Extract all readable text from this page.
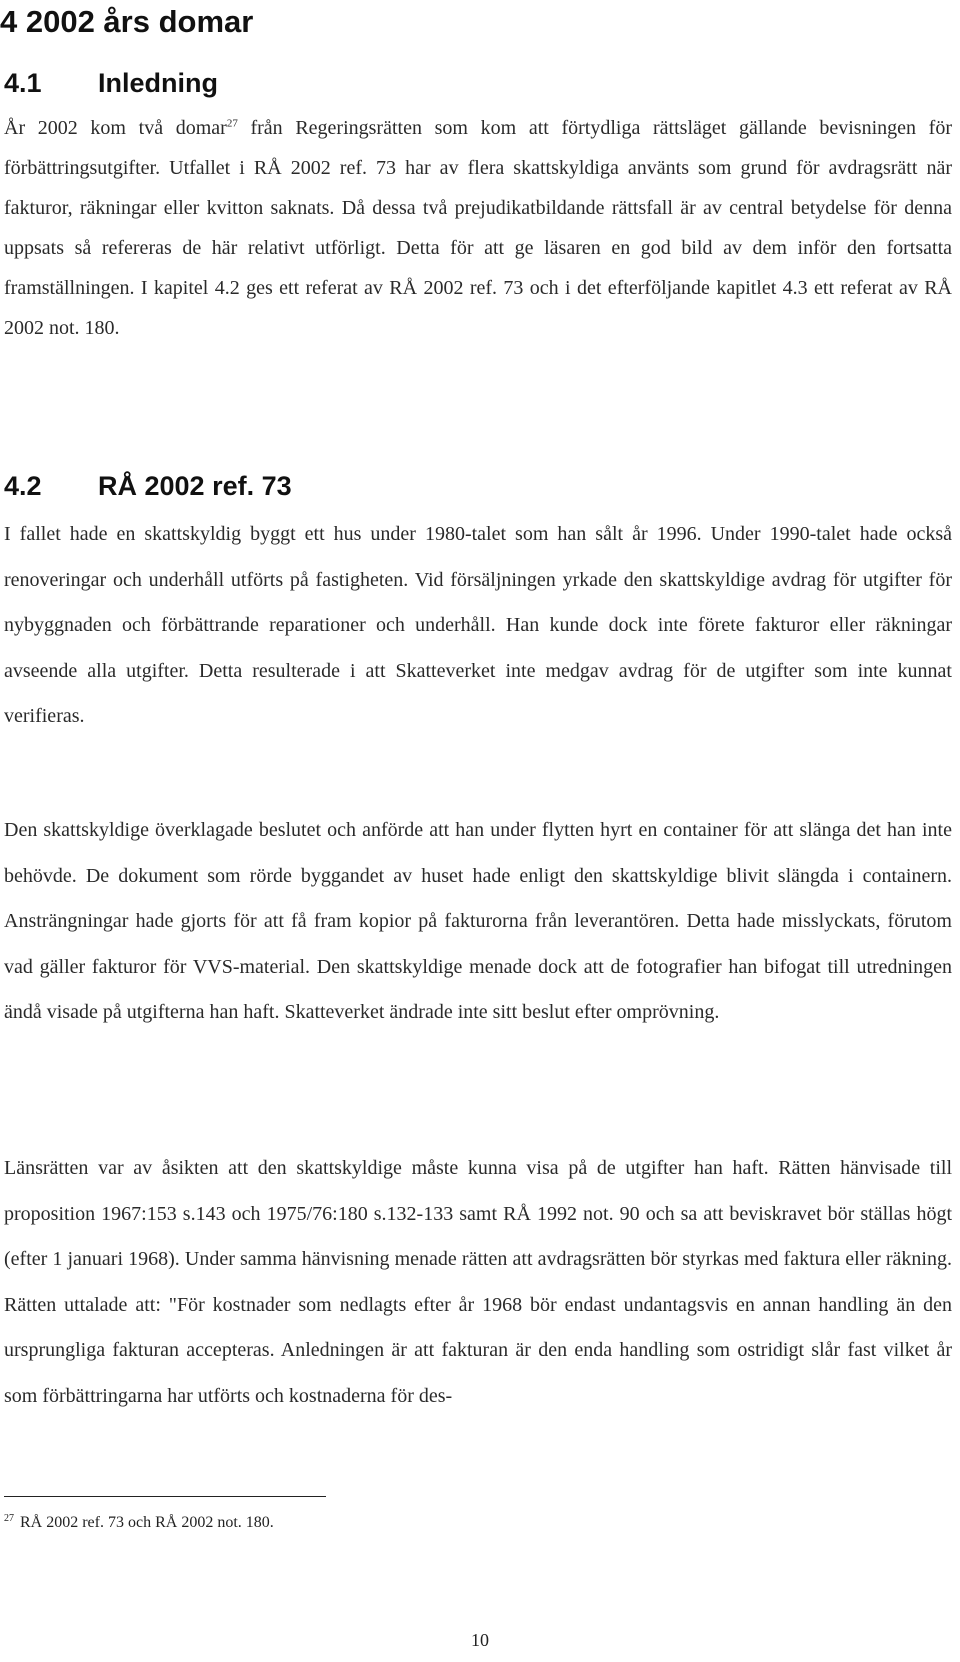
4 2002 års domar
4.1 Inledning

År 2002 kom två domar$^{27}$ från Regeringsrätten som kom att förtydliga rättsläget gällande bevisningen för förbättringsutgifter. Utfallet i RÅ 2002 ref. 73 har av flera skattskyldiga använts som grund för avdragsrätt när fakturor, räkningar eller kvitton saknats. Då dessa två prejudikatbildande rättsfall är av central betydelse för denna uppsats så refereras de här relativt utförligt. Detta för att ge läsaren en god bild av dem inför den fortsatta framställningen. I kapitel 4.2 ges ett referat av RÅ 2002 ref. 73 och i det efterföljande kapitlet 4.3 ett referat av RÅ 2002 not. 180.

4.2 RÅ 2002 ref. 73

I fallet hade en skattskyldig byggt ett hus under 1980-talet som han sålt år 1996. Under 1990-talet hade också renoveringar och underhåll utförts på fastigheten. Vid försäljningen yrkade den skattskyldige avdrag för utgifter för nybyggnaden och förbättrande reparationer och underhåll. Han kunde dock inte förete fakturor eller räkningar avseende alla utgifter. Detta resulterade i att Skatteverket inte medgav avdrag för de utgifter som inte kunnat verifieras.

Den skattskyldige överklagade beslutet och anförde att han under flytten hyrt en container för att slänga det han inte behövde. De dokument som rörde byggandet av huset hade enligt den skattskyldige blivit slängda i containern. Ansträngningar hade gjorts för att få fram kopior på fakturorna från leverantören. Detta hade misslyckats, förutom vad gäller fakturor för VVS-material. Den skattskyldige menade dock att de fotografier han bifogat till utredningen ändå visade på utgifterna han haft. Skatteverket ändrade inte sitt beslut efter omprövning.

Länsrätten var av åsikten att den skattskyldige måste kunna visa på de utgifter han haft. Rätten hänvisade till proposition 1967:153 s.143 och 1975/76:180 s.132-133 samt RÅ 1992 not. 90 och sa att beviskravet bör ställas högt (efter 1 januari 1968). Under samma hänvisning menade rätten att avdragsrätten bör styrkas med faktura eller räkning. Rätten uttalade att: "För kostnader som nedlagts efter år 1968 bör endast undantagsvis en annan handling än den ursprungliga fakturan accepteras. Anledningen är att fakturan är den enda handling som ostridigt slår fast vilket år som förbättringarna har utförts och kostnaderna för des-

$^{27}$ RÅ 2002 ref. 73 och RÅ 2002 not. 180.

10
